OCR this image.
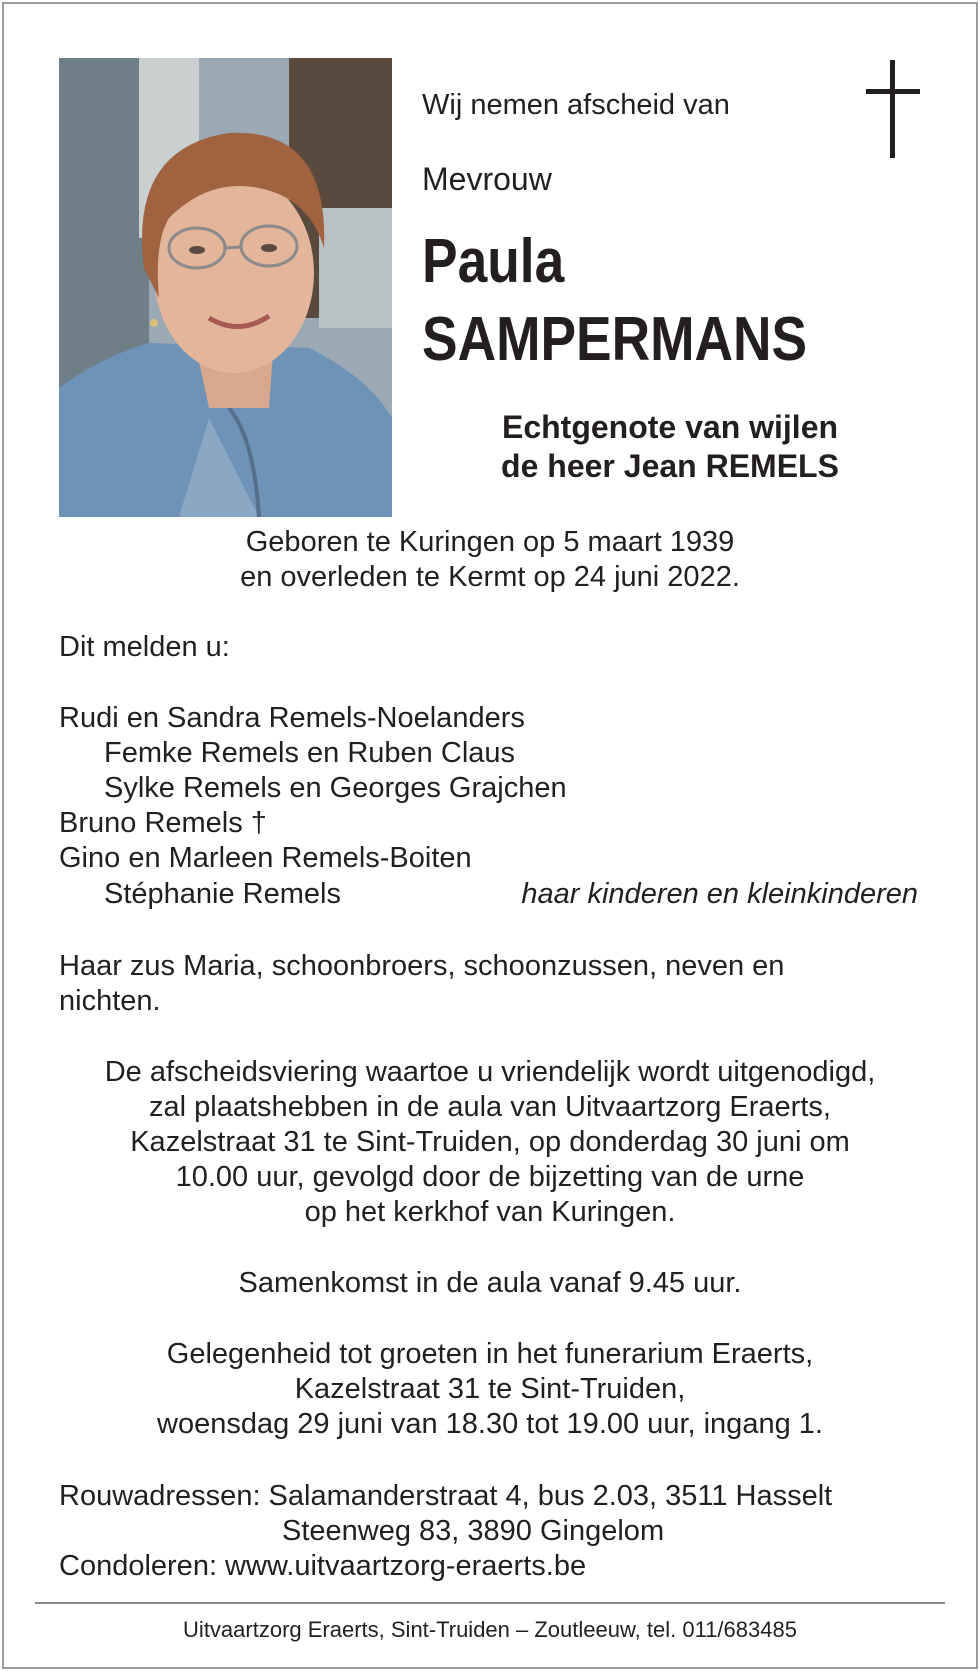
Wij nemen afscheid van
Mevrouw
Paula
SAMPERMANS
Echtgenote van wijlen
de heer Jean REMELS
Geboren te Kuringen op 5 maart 1939
en overleden te Kermt op 24 juni 2022.
Dit melden u:
Rudi en Sandra Remels-Noelanders
Femke Remels en Ruben Claus
Sylke Remels en Georges Grajchen
Bruno Remels †
Gino en Marleen Remels-Boiten
Stéphanie Remels	haar kinderen en kleinkinderen
Haar zus Maria, schoonbroers, schoonzussen, neven en
nichten.
De afscheidsviering waartoe u vriendelijk wordt uitgenodigd,
zal plaatshebben in de aula van Uitvaartzorg Eraerts,
Kazelstraat 31 te Sint-Truiden, op donderdag 30 juni om
10.00 uur, gevolgd door de bijzetting van de urne
op het kerkhof van Kuringen.
Samenkomst in de aula vanaf 9.45 uur.
Gelegenheid tot groeten in het funerarium Eraerts,
Kazelstraat 31 te Sint-Truiden,
woensdag 29 juni van 18.30 tot 19.00 uur, ingang 1.
Rouwadressen: Salamanderstraat 4, bus 2.03, 3511 Hasselt
Steenweg 83, 3890 Gingelom
Condoleren: www.uitvaartzorg-eraerts.be
Uitvaartzorg Eraerts, Sint-Truiden – Zoutleeuw, tel. 011/683485
